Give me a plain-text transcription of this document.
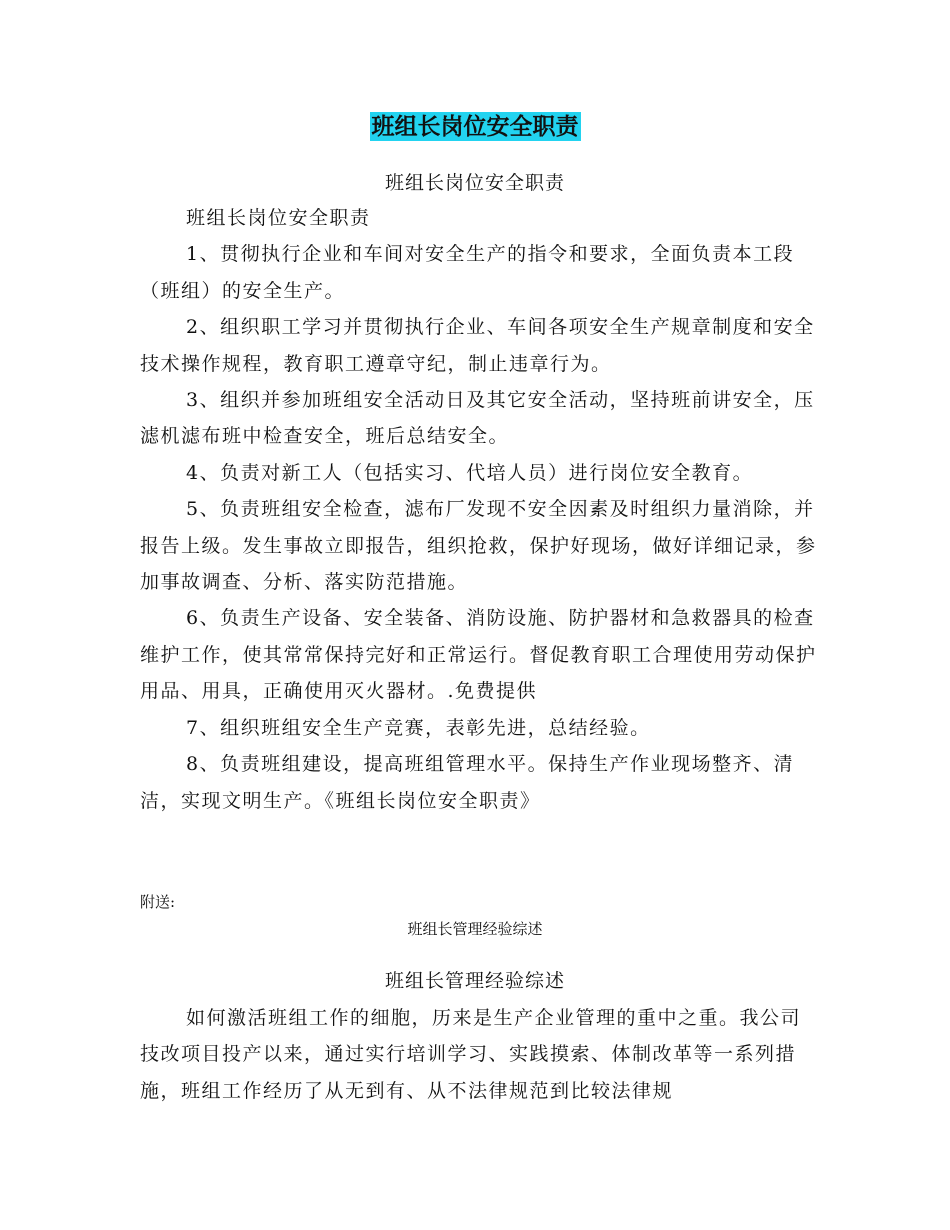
班组长岗位安全职责
班组长岗位安全职责

班组长岗位安全职责

1、贯彻执行企业和车间对安全生产的指令和要求，全面负责本工段（班组）的安全生产。

2、组织职工学习并贯彻执行企业、车间各项安全生产规章制度和安全技术操作规程，教育职工遵章守纪，制止违章行为。

3、组织并参加班组安全活动日及其它安全活动，坚持班前讲安全，压滤机滤布班中检查安全，班后总结安全。

4、负责对新工人（包括实习、代培人员）进行岗位安全教育。

5、负责班组安全检查，滤布厂发现不安全因素及时组织力量消除，并报告上级。发生事故立即报告，组织抢救，保护好现场，做好详细记录，参加事故调查、分析、落实防范措施。

6、负责生产设备、安全装备、消防设施、防护器材和急救器具的检查维护工作，使其常常保持完好和正常运行。督促教育职工合理使用劳动保护用品、用具，正确使用灭火器材。.免费提供

7、组织班组安全生产竞赛，表彰先进，总结经验。

8、负责班组建设，提高班组管理水平。保持生产作业现场整齐、清洁，实现文明生产。《班组长岗位安全职责》

附送:
班组长管理经验综述
班组长管理经验综述

如何激活班组工作的细胞，历来是生产企业管理的重中之重。我公司技改项目投产以来，通过实行培训学习、实践摸索、体制改革等一系列措施，班组工作经历了从无到有、从不法律规范到比较法律规
